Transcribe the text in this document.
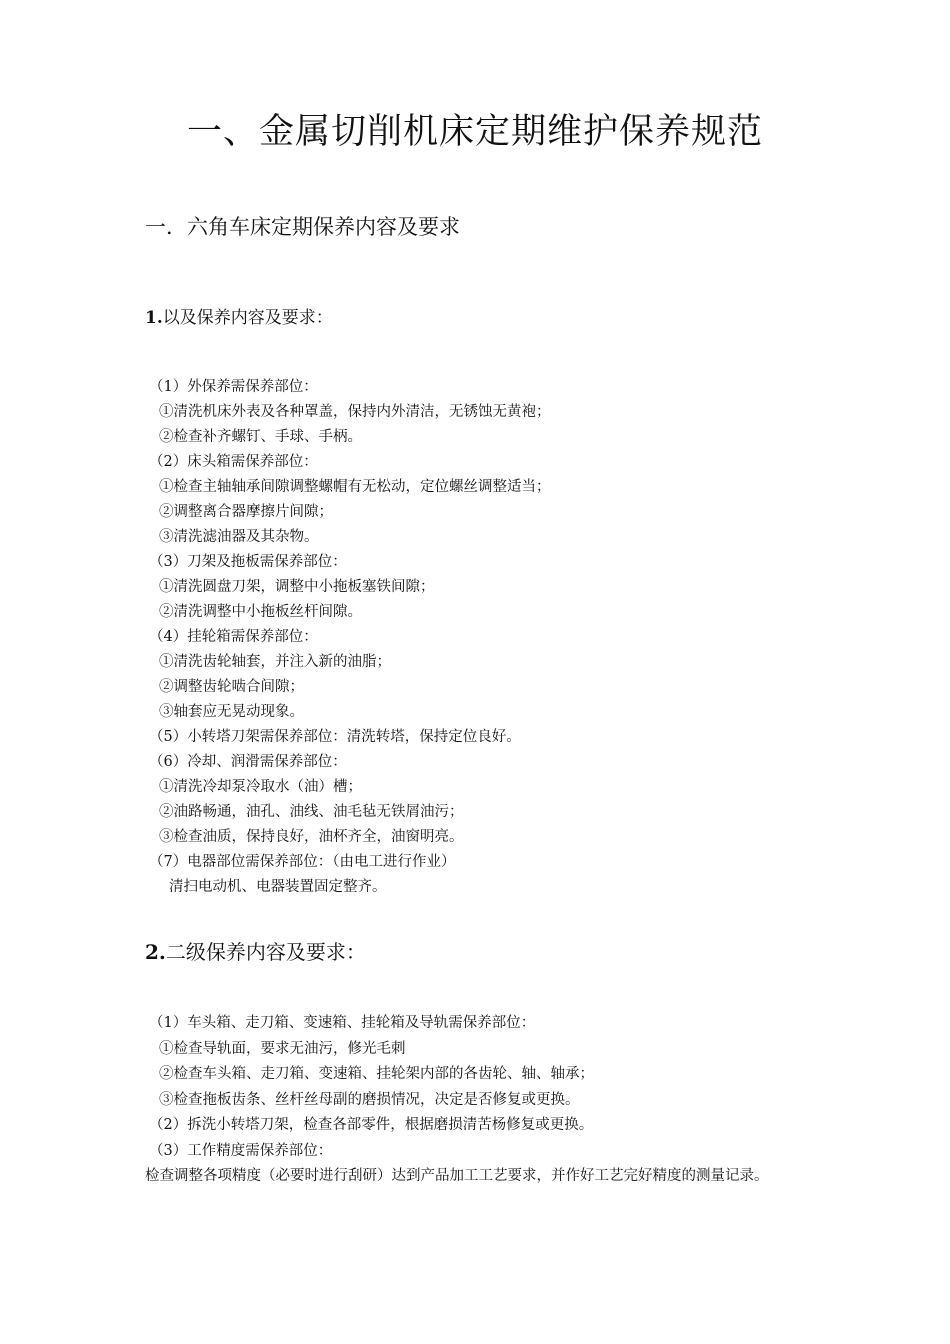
一、金属切削机床定期维护保养规范
一．六角车床定期保养内容及要求
1.以及保养内容及要求：
（1）外保养需保养部位：
①清洗机床外表及各种罩盖，保持内外清洁，无锈蚀无黄袍；
②检查补齐螺钉、手球、手柄。
（2）床头箱需保养部位：
①检查主轴轴承间隙调整螺帽有无松动，定位螺丝调整适当；
②调整离合器摩擦片间隙；
③清洗滤油器及其杂物。
（3）刀架及拖板需保养部位：
①清洗圆盘刀架，调整中小拖板塞铁间隙；
②清洗调整中小拖板丝杆间隙。
（4）挂轮箱需保养部位：
①清洗齿轮轴套，并注入新的油脂；
②调整齿轮啮合间隙；
③轴套应无晃动现象。
（5）小转塔刀架需保养部位：清洗转塔，保持定位良好。
（6）冷却、润滑需保养部位：
①清洗冷却泵冷取水（油）槽；
②油路畅通，油孔、油线、油毛毡无铁屑油污；
③检查油质，保持良好，油杯齐全，油窗明亮。
（7）电器部位需保养部位：（由电工进行作业）
清扫电动机、电器装置固定整齐。
2.二级保养内容及要求：
（1）车头箱、走刀箱、变速箱、挂轮箱及导轨需保养部位：
①检查导轨面，要求无油污，修光毛刺
②检查车头箱、走刀箱、变速箱、挂轮架内部的各齿轮、轴、轴承；
③检查拖板齿条、丝杆丝母副的磨损情况，决定是否修复或更换。
（2）拆洗小转塔刀架，检查各部零件，根据磨损清苦杨修复或更换。
（3）工作精度需保养部位：
检查调整各项精度（必要时进行刮研）达到产品加工工艺要求，并作好工艺完好精度的测量记录。
